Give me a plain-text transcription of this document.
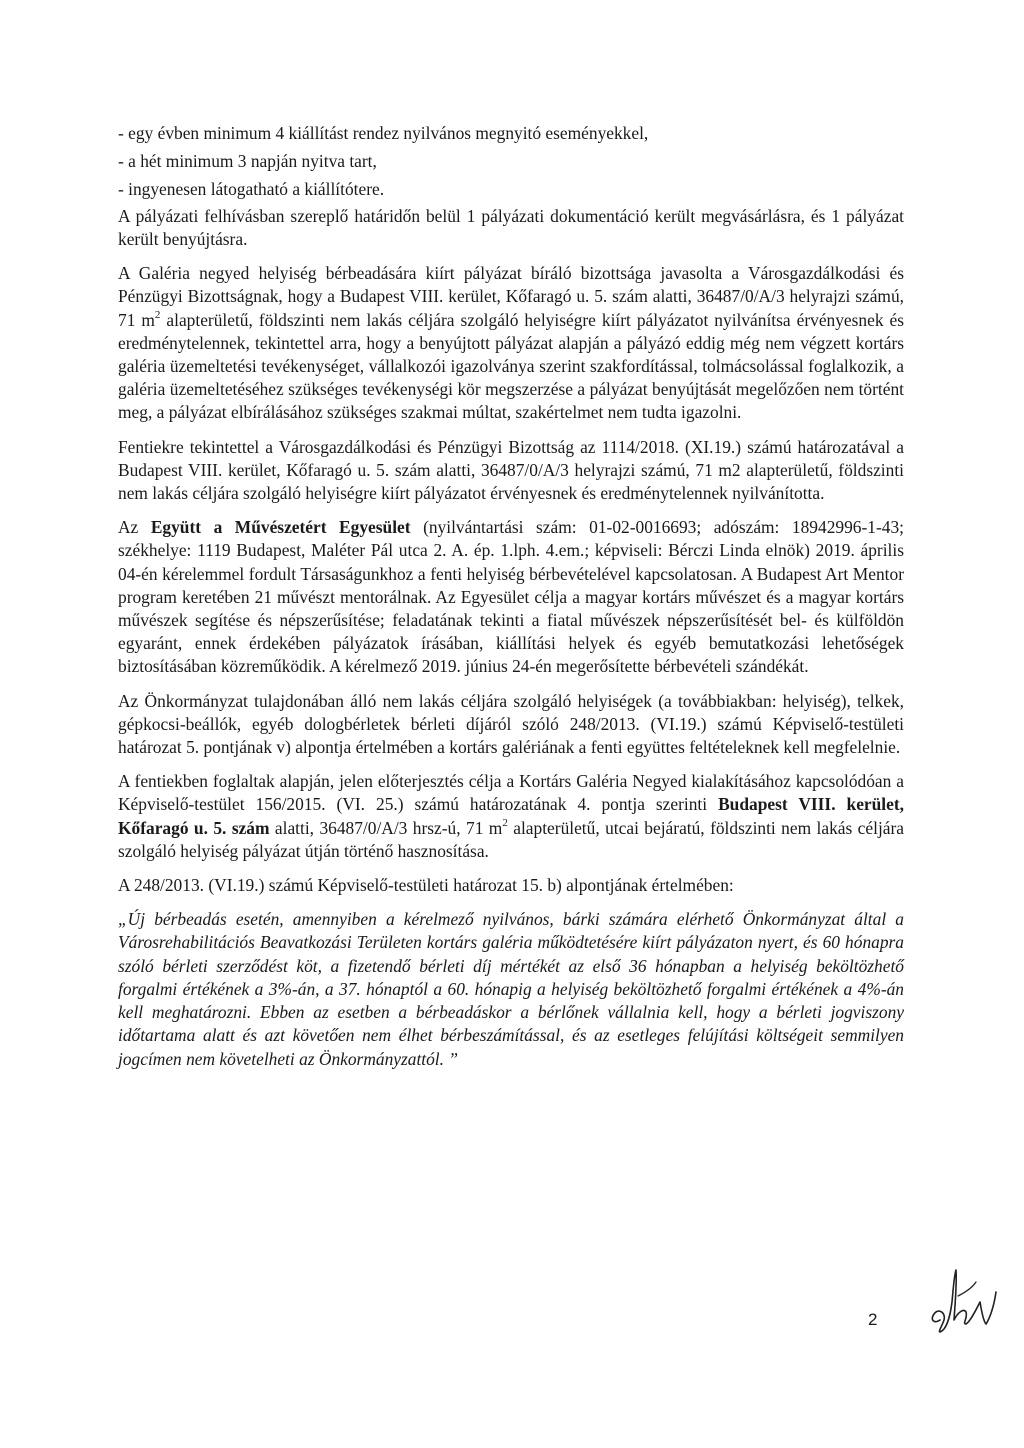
- egy évben minimum 4 kiállítást rendez nyilvános megnyitó eseményekkel,
- a hét minimum 3 napján nyitva tart,
- ingyenesen látogatható a kiállítótere.

A pályázati felhívásban szereplő határidőn belül 1 pályázati dokumentáció került megvásárlásra, és 1 pályázat került benyújtásra.

A Galéria negyed helyiség bérbeadására kiírt pályázat bíráló bizottsága javasolta a Városgazdálkodási és Pénzügyi Bizottságnak, hogy a Budapest VIII. kerület, Kőfaragó u. 5. szám alatti, 36487/0/A/3 helyrajzi számú, 71 $m^2$ alapterületű, földszinti nem lakás céljára szolgáló helyiségre kiírt pályázatot nyilvánítsa érvényesnek és eredménytelennek, tekintettel arra, hogy a benyújtott pályázat alapján a pályázó eddig még nem végzett kortárs galéria üzemeltetési tevékenységet, vállalkozói igazolványa szerint szakfordítással, tolmácsolással foglalkozik, a galéria üzemeltetéséhez szükséges tevékenységi kör megszerzése a pályázat benyújtását megelőzően nem történt meg, a pályázat elbírálásához szükséges szakmai múltat, szakértelmet nem tudta igazolni.

Fentiekre tekintettel a Városgazdálkodási és Pénzügyi Bizottság az 1114/2018. (XI.19.) számú határozatával a Budapest VIII. kerület, Kőfaragó u. 5. szám alatti, 36487/0/A/3 helyrajzi számú, 71 m2 alapterületű, földszinti nem lakás céljára szolgáló helyiségre kiírt pályázatot érvényesnek és eredménytelennek nyilvánította.

Az Együtt a Művészetért Egyesület (nyilvántartási szám: 01-02-0016693; adószám: 18942996-1-43; székhelye: 1119 Budapest, Maléter Pál utca 2. A. ép. 1.lph. 4.em.; képviseli: Bérczi Linda elnök) 2019. április 04-én kérelemmel fordult Társaságunkhoz a fenti helyiség bérbevételével kapcsolatosan. A Budapest Art Mentor program keretében 21 művészt mentorálnak. Az Egyesület célja a magyar kortárs művészet és a magyar kortárs művészek segítése és népszerűsítése; feladatának tekinti a fiatal művészek népszerűsítését bel- és külföldön egyaránt, ennek érdekében pályázatok írásában, kiállítási helyek és egyéb bemutatkozási lehetőségek biztosításában közreműködik. A kérelmező 2019. június 24-én megerősítette bérbevételi szándékát.

Az Önkormányzat tulajdonában álló nem lakás céljára szolgáló helyiségek (a továbbiakban: helyiség), telkek, gépkocsi-beállók, egyéb dologbérletek bérleti díjáról szóló 248/2013. (VI.19.) számú Képviselő-testületi határozat 5. pontjának v) alpontja értelmében a kortárs galériának a fenti együttes feltételeknek kell megfelelnie.

A fentiekben foglaltak alapján, jelen előterjesztés célja a Kortárs Galéria Negyed kialakításához kapcsolódóan a Képviselő-testület 156/2015. (VI. 25.) számú határozatának 4. pontja szerinti Budapest VIII. kerület, Kőfaragó u. 5. szám alatti, 36487/0/A/3 hrsz-ú, 71 $m^2$ alapterületű, utcai bejáratú, földszinti nem lakás céljára szolgáló helyiség pályázat útján történő hasznosítása.

A 248/2013. (VI.19.) számú Képviselő-testületi határozat 15. b) alpontjának értelmében:

„Új bérbeadás esetén, amennyiben a kérelmező nyilvános, bárki számára elérhető Önkormányzat által a Városrehabilitációs Beavatkozási Területen kortárs galéria működtetésére kiírt pályázaton nyert, és 60 hónapra szóló bérleti szerződést köt, a fizetendő bérleti díj mértékét az első 36 hónapban a helyiség beköltözhető forgalmi értékének a 3%-án, a 37. hónaptól a 60. hónapig a helyiség beköltözhető forgalmi értékének a 4%-án kell meghatározni. Ebben az esetben a bérbeadáskor a bérlőnek vállalnia kell, hogy a bérleti jogviszony időtartama alatt és azt követően nem élhet bérbeszámítással, és az esetleges felújítási költségeit semmilyen jogcímen nem követelheti az Önkormányzattól. ”

2
